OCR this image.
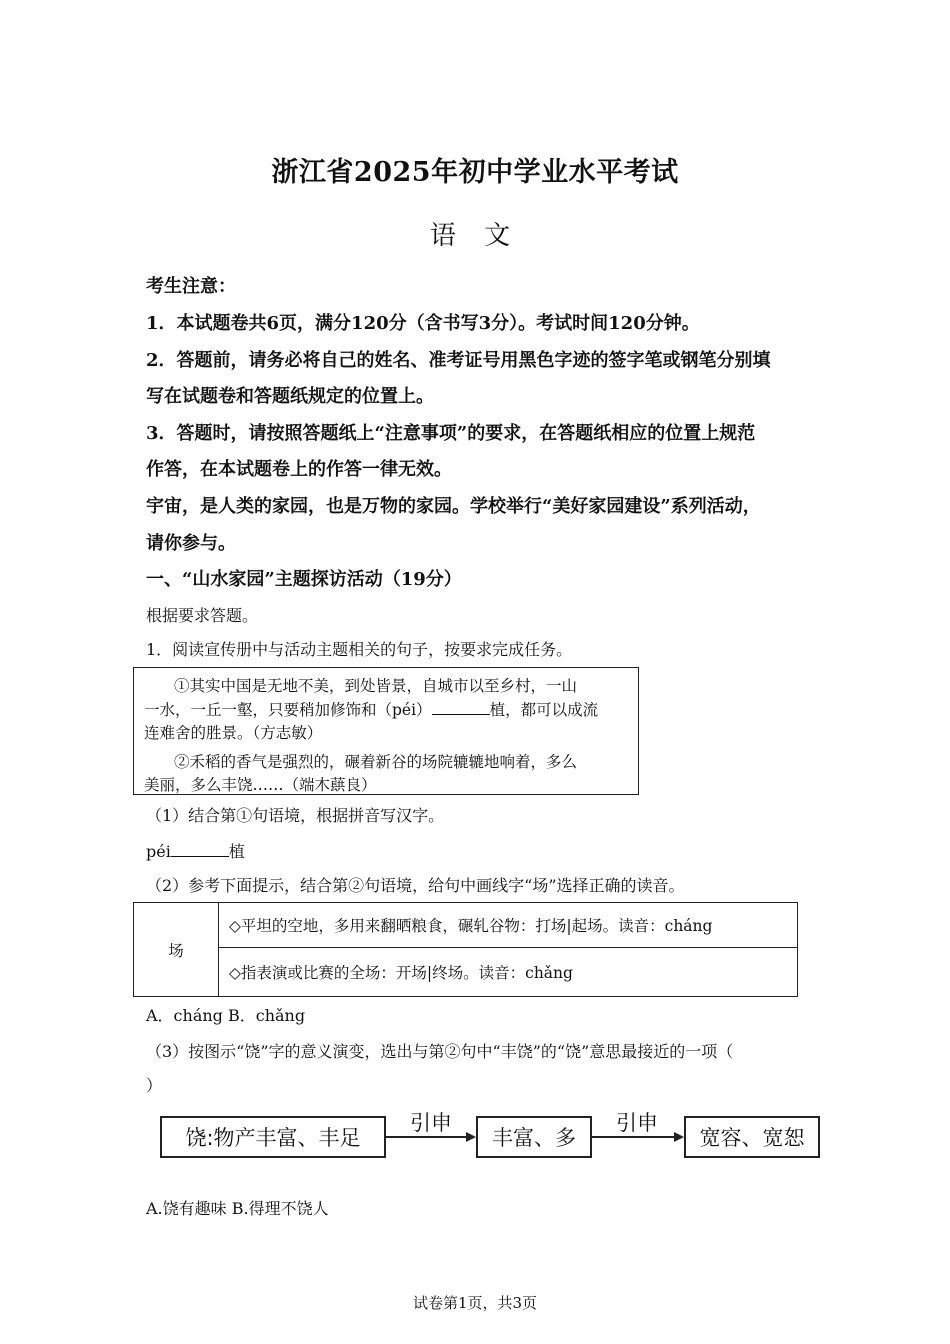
浙江省2025年初中学业水平考试
语 文
考生注意：
1．本试题卷共6页，满分120分（含书写3分）。考试时间120分钟。
2．答题前，请务必将自己的姓名、准考证号用黑色字迹的签字笔或钢笔分别填
写在试题卷和答题纸规定的位置上。
3．答题时，请按照答题纸上“注意事项”的要求，在答题纸相应的位置上规范
作答，在本试题卷上的作答一律无效。
宇宙，是人类的家园，也是万物的家园。学校举行“美好家园建设”系列活动，
请你参与。
一、“山水家园”主题探访活动（19分）
根据要求答题。
1．阅读宣传册中与活动主题相关的句子，按要求完成任务。

①其实中国是无地不美，到处皆景，自城市以至乡村，一山

一水，一丘一壑，只要稍加修饰和（péi）	植，都可以成流

连难舍的胜景。（方志敏）

②禾稻的香气是强烈的，碾着新谷的场院辘辘地响着，多么

美丽，多么丰饶……（端木蕻良）

（1）结合第①句语境，根据拼音写汉字。
péi	植
（2）参考下面提示，结合第②句语境，给句中画线字“场”选择正确的读音。
场	◇平坦的空地，多用来翻晒粮食，碾轧谷物：打场|起场。读音：cháng
◇指表演或比赛的全场：开场|终场。读音：chǎng
A．cháng B．chǎng
（3）按图示“饶”字的意义演变，选出与第②句中“丰饶”的“饶”意思最接近的一项（
）
饶:物产丰富、丰足
引申
丰富、多
引申
宽容、宽恕
A.饶有趣味 B.得理不饶人
试卷第1页，共3页
